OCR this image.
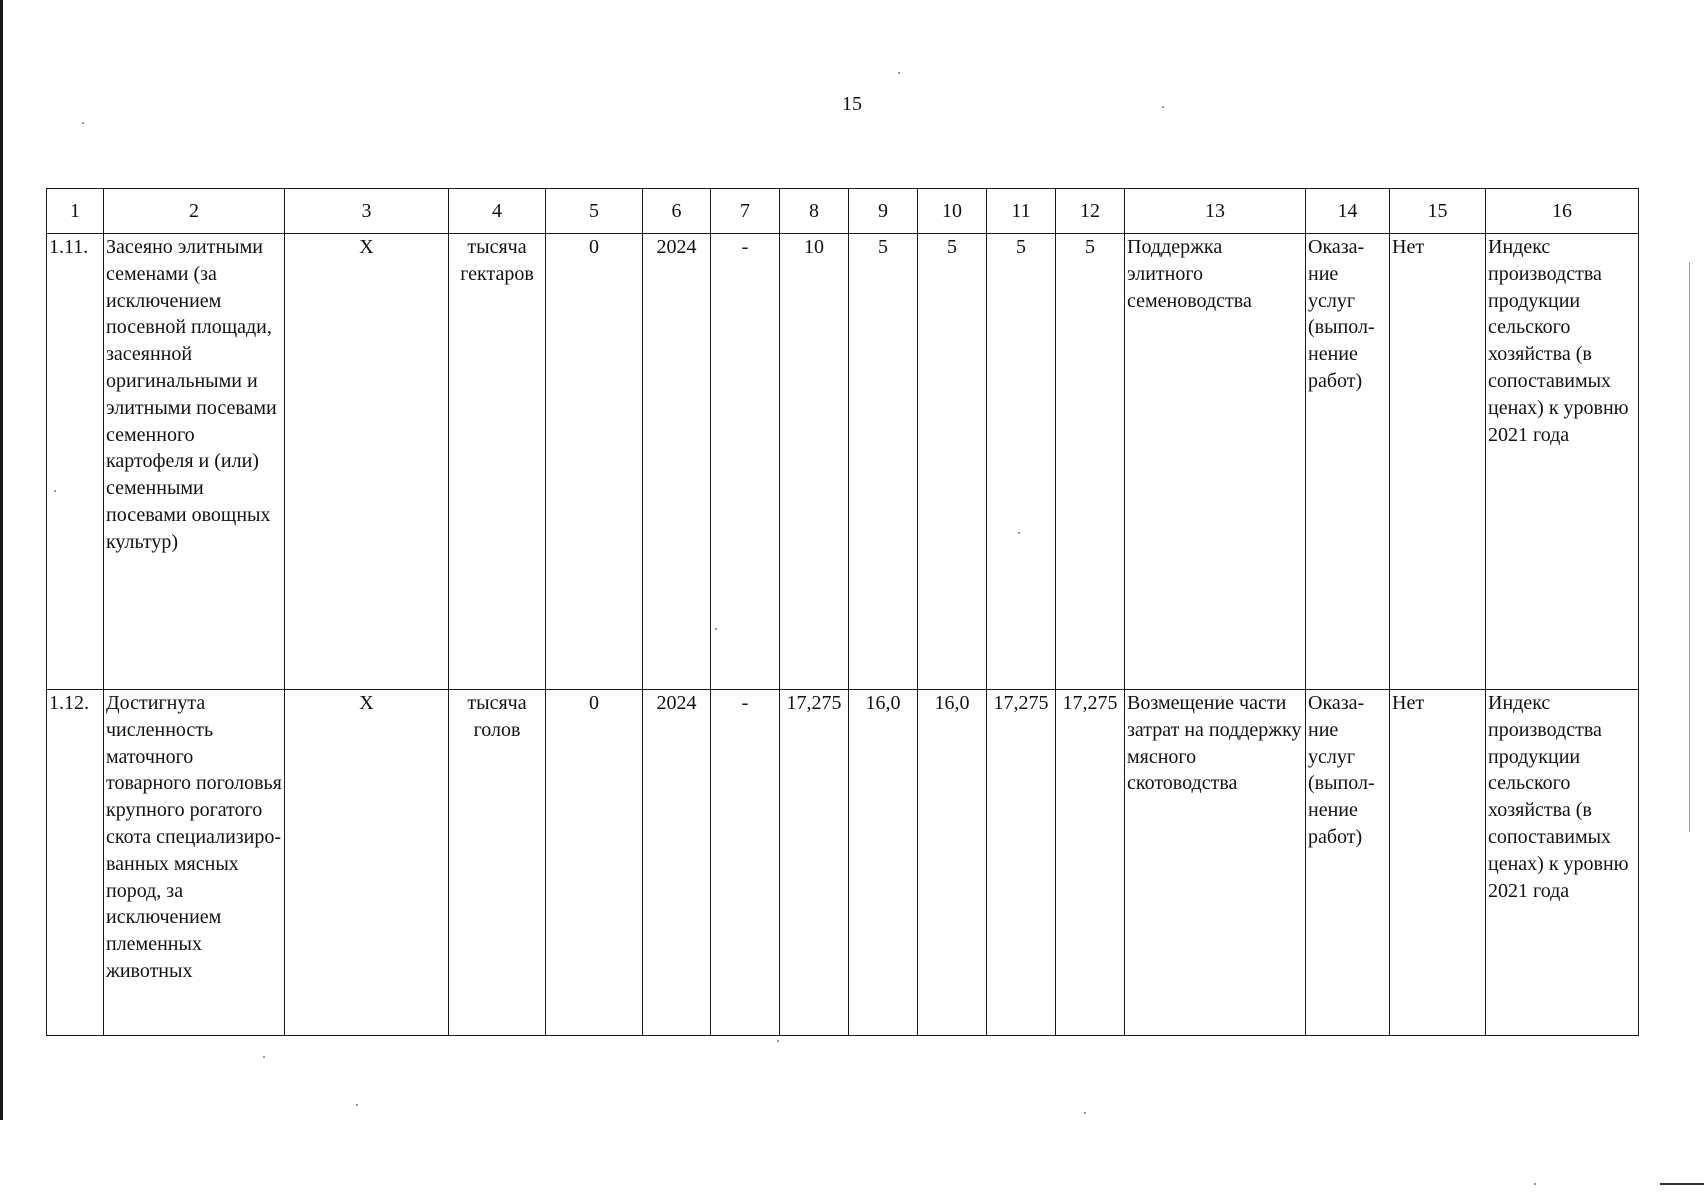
15
1	2	3	4	5	6	7	8	9	10	11	12	13	14	15	16
1.11.	Засеяно элитными семенами (за исключением посевной площади, засеянной оригинальными и элитными посевами семенного картофеля и (или) семенными посевами овощных культур)	Х	тысяча гектаров	0	2024	-	10	5	5	5	5	Поддержка элитного семеноводства	Оказа-ние услуг (выпол-нение работ)	Нет	Индекс производства продукции сельского хозяйства (в сопоставимых ценах) к уровню 2021 года
1.12.	Достигнута численность маточного товарного поголовья крупного рогатого скота специализиро-ванных мясных пород, за исключением племенных животных	Х	тысяча голов	0	2024	-	17,275	16,0	16,0	17,275	17,275	Возмещение части затрат на поддержку мясного скотоводства	Оказа-ние услуг (выпол-нение работ)	Нет	Индекс производства продукции сельского хозяйства (в сопоставимых ценах) к уровню 2021 года
